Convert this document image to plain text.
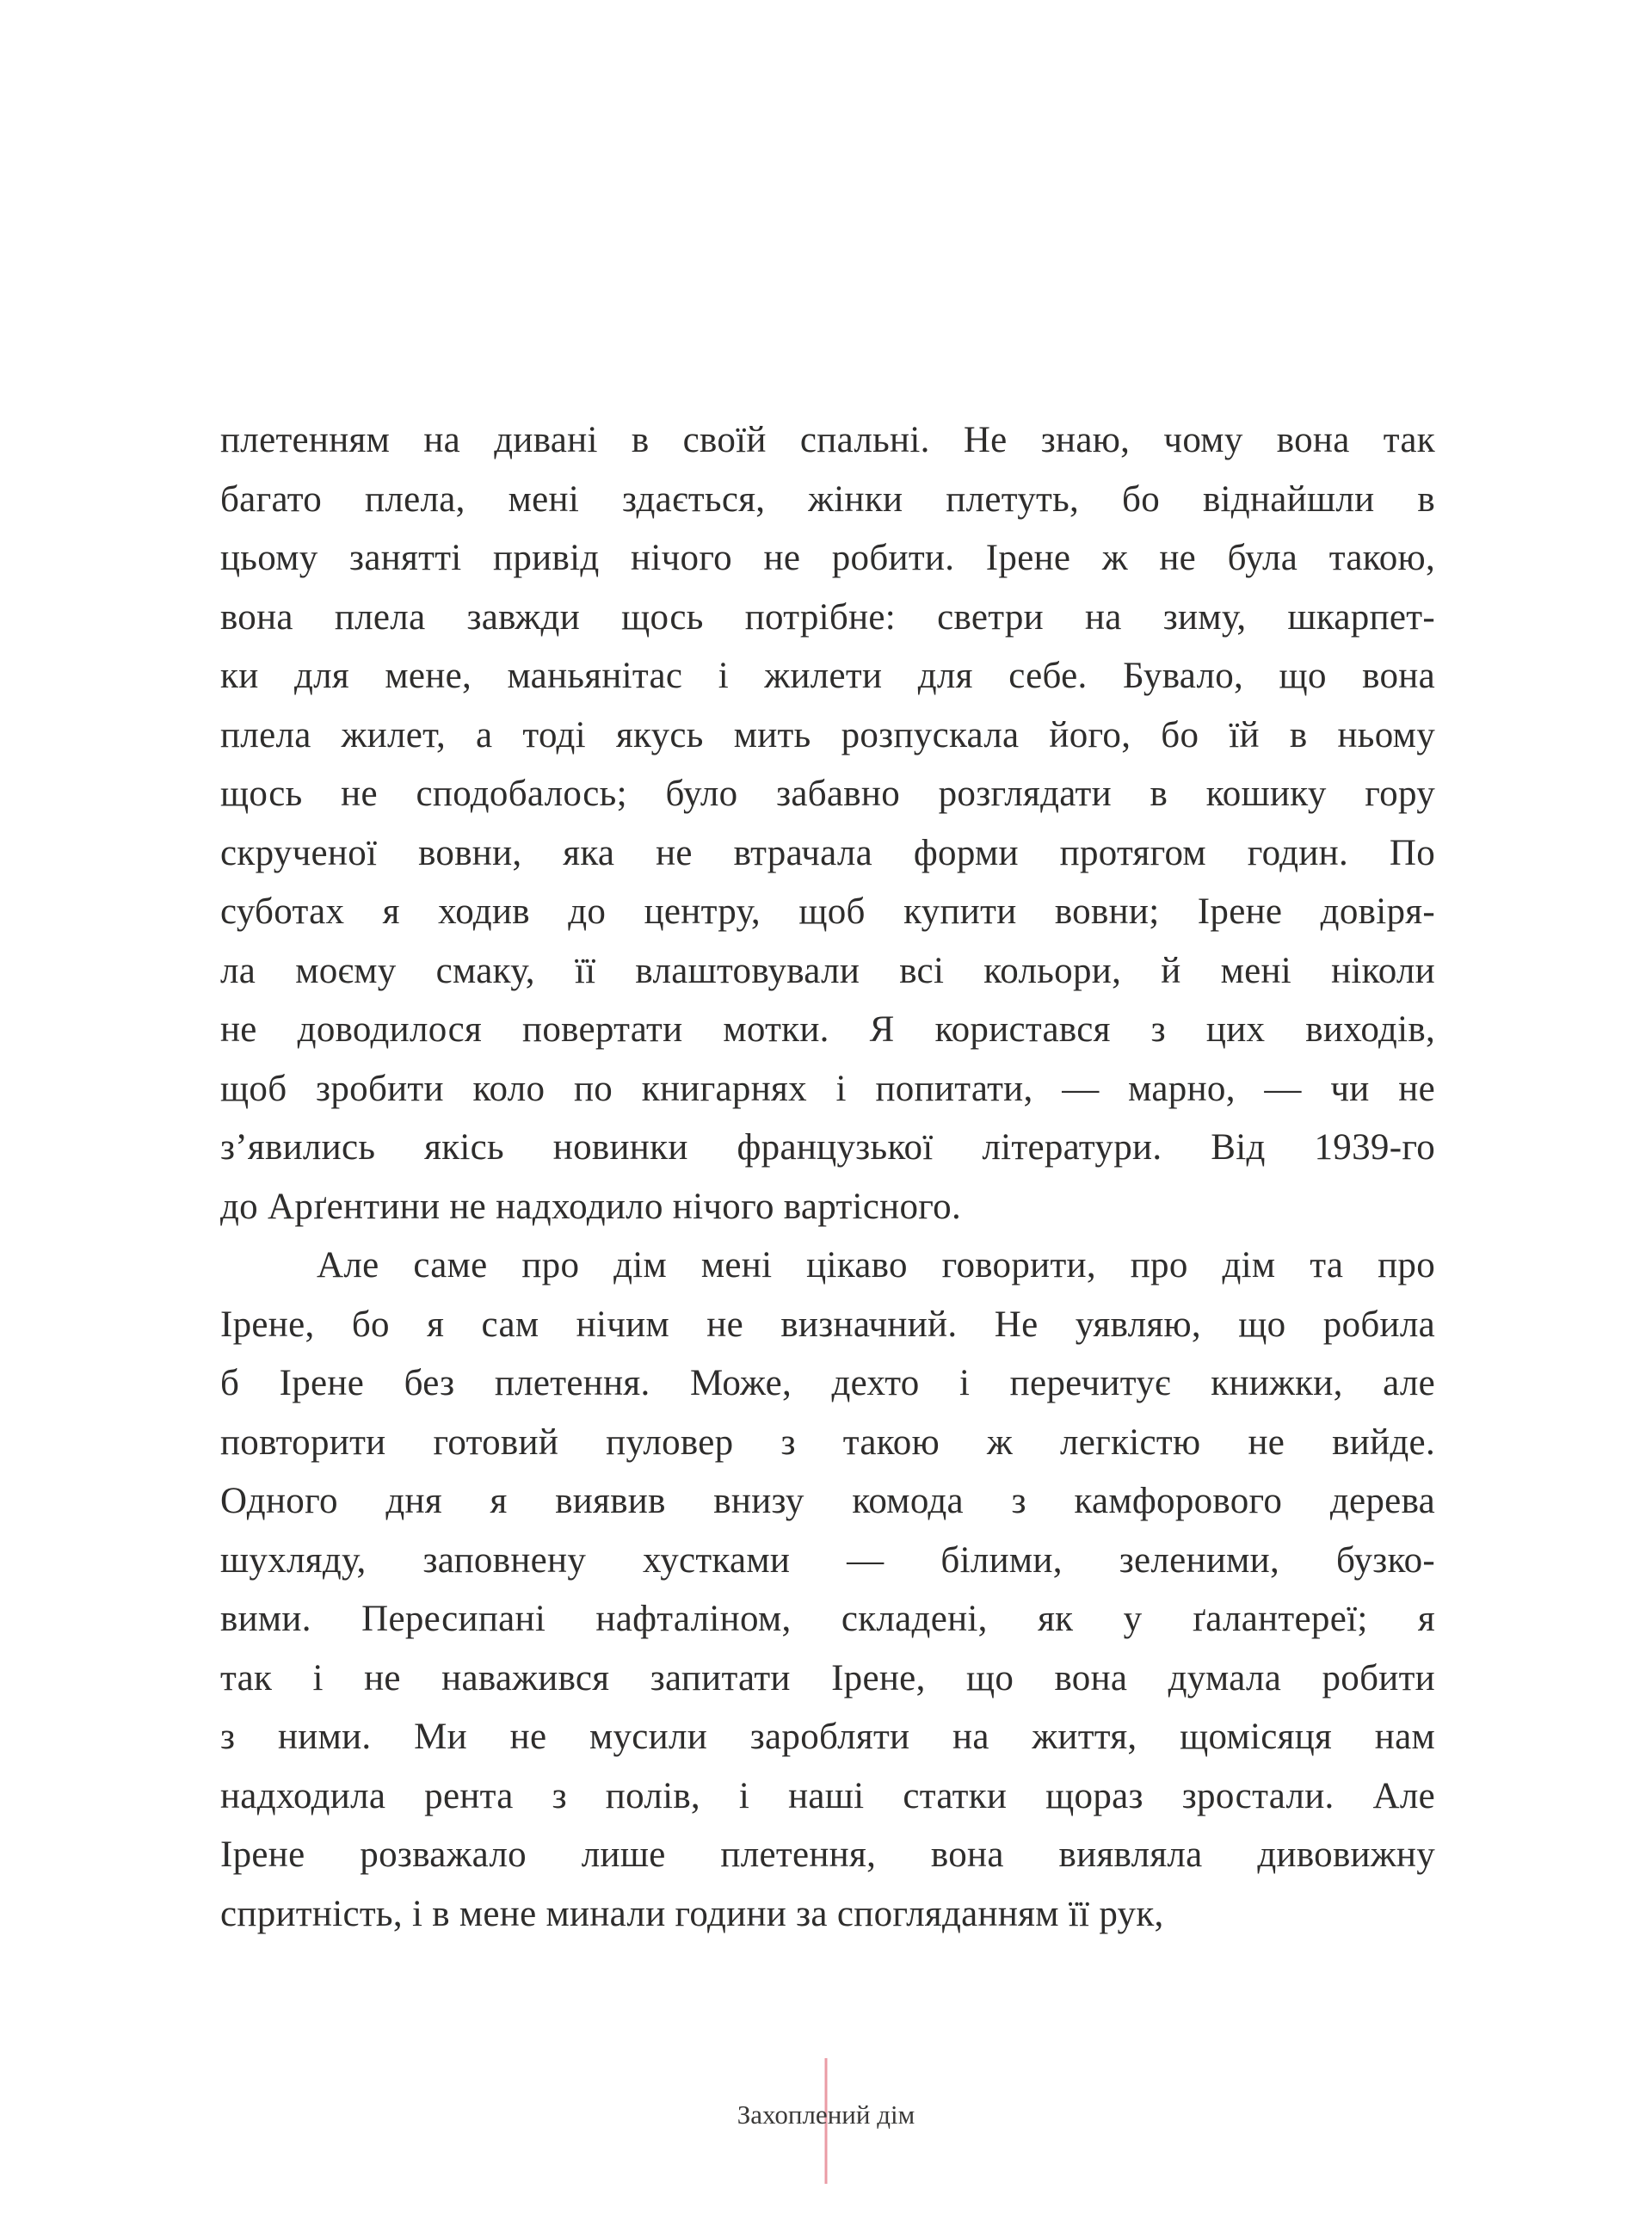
плетенням на дивані в своїй спальні. Не знаю, чому вона так
багато плела, мені здається, жінки плетуть, бо віднайшли в
цьому занятті привід нічого не робити. Ірене ж не була такою,
вона плела завжди щось потрібне: светри на зиму, шкарпет-
ки для мене, маньянітас і жилети для себе. Бувало, що вона
плела жилет, а тоді якусь мить розпускала його, бо їй в ньому
щось не сподобалось; було забавно розглядати в кошику гору
скрученої вовни, яка не втрачала форми протягом годин. По
суботах я ходив до центру, щоб купити вовни; Ірене довіря-
ла моєму смаку, її влаштовували всі кольори, й мені ніколи
не доводилося повертати мотки. Я користався з цих виходів,
щоб зробити коло по книгарнях і попитати, — марно, — чи не
з’явились якісь новинки французької літератури. Від 1939-го
до Арґентини не надходило нічого вартісного.
Але саме про дім мені цікаво говорити, про дім та про
Ірене, бо я сам нічим не визначний. Не уявляю, що робила
б Ірене без плетення. Може, дехто і перечитує книжки, але
повторити готовий пуловер з такою ж легкістю не вийде.
Одного дня я виявив внизу комода з камфорового дерева
шухляду, заповнену хустками — білими, зеленими, бузко-
вими. Пересипані нафталіном, складені, як у ґалантереї; я
так і не наважився запитати Ірене, що вона думала робити
з ними. Ми не мусили заробляти на життя, щомісяця нам
надходила рента з полів, і наші статки щораз зростали. Але
Ірене розважало лише плетення, вона виявляла дивовижну
спритність, і в мене минали години за спогляданням її рук,
Захоплений дім
